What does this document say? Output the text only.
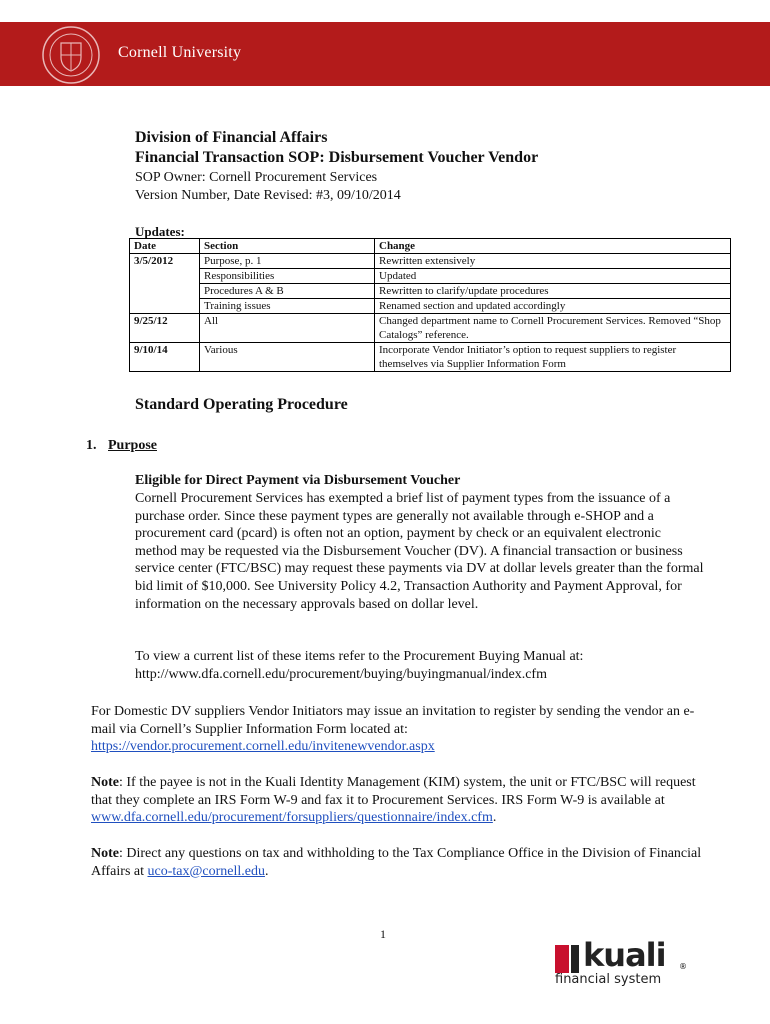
Cornell University
Division of Financial Affairs
Financial Transaction SOP: Disbursement Voucher Vendor
SOP Owner: Cornell Procurement Services
Version Number, Date Revised: #3, 09/10/2014
Updates:
Date	Section	Change
3/5/2012	Purpose, p. 1	Rewritten extensively
	Responsibilities	Updated
	Procedures A & B	Rewritten to clarify/update procedures
	Training issues	Renamed section and updated accordingly
9/25/12	All	Changed department name to Cornell Procurement Services. Removed “Shop Catalogs” reference.
9/10/14	Various	Incorporate Vendor Initiator’s option to request suppliers to register themselves via Supplier Information Form
Standard Operating Procedure
1. Purpose
Eligible for Direct Payment via Disbursement Voucher

Cornell Procurement Services has exempted a brief list of payment types from the issuance of a purchase order. Since these payment types are generally not available through e-SHOP and a procurement card (pcard) is often not an option, payment by check or an equivalent electronic method may be requested via the Disbursement Voucher (DV). A financial transaction or business service center (FTC/BSC) may request these payments via DV at dollar levels greater than the formal bid limit of $10,000. See University Policy 4.2, Transaction Authority and Payment Approval, for information on the necessary approvals based on dollar level.

To view a current list of these items refer to the Procurement Buying Manual at:
http://www.dfa.cornell.edu/procurement/buying/buyingmanual/index.cfm
For Domestic DV suppliers Vendor Initiators may issue an invitation to register by sending the vendor an e-mail via Cornell’s Supplier Information Form located at:
https://vendor.procurement.cornell.edu/invitenewvendor.aspx
Note: If the payee is not in the Kuali Identity Management (KIM) system, the unit or FTC/BSC will request that they complete an IRS Form W-9 and fax it to Procurement Services. IRS Form W-9 is available at www.dfa.cornell.edu/procurement/forsuppliers/questionnaire/index.cfm.
Note: Direct any questions on tax and withholding to the Tax Compliance Office in the Division of Financial Affairs at uco-tax@cornell.edu.
1
kuali ®
financial system
